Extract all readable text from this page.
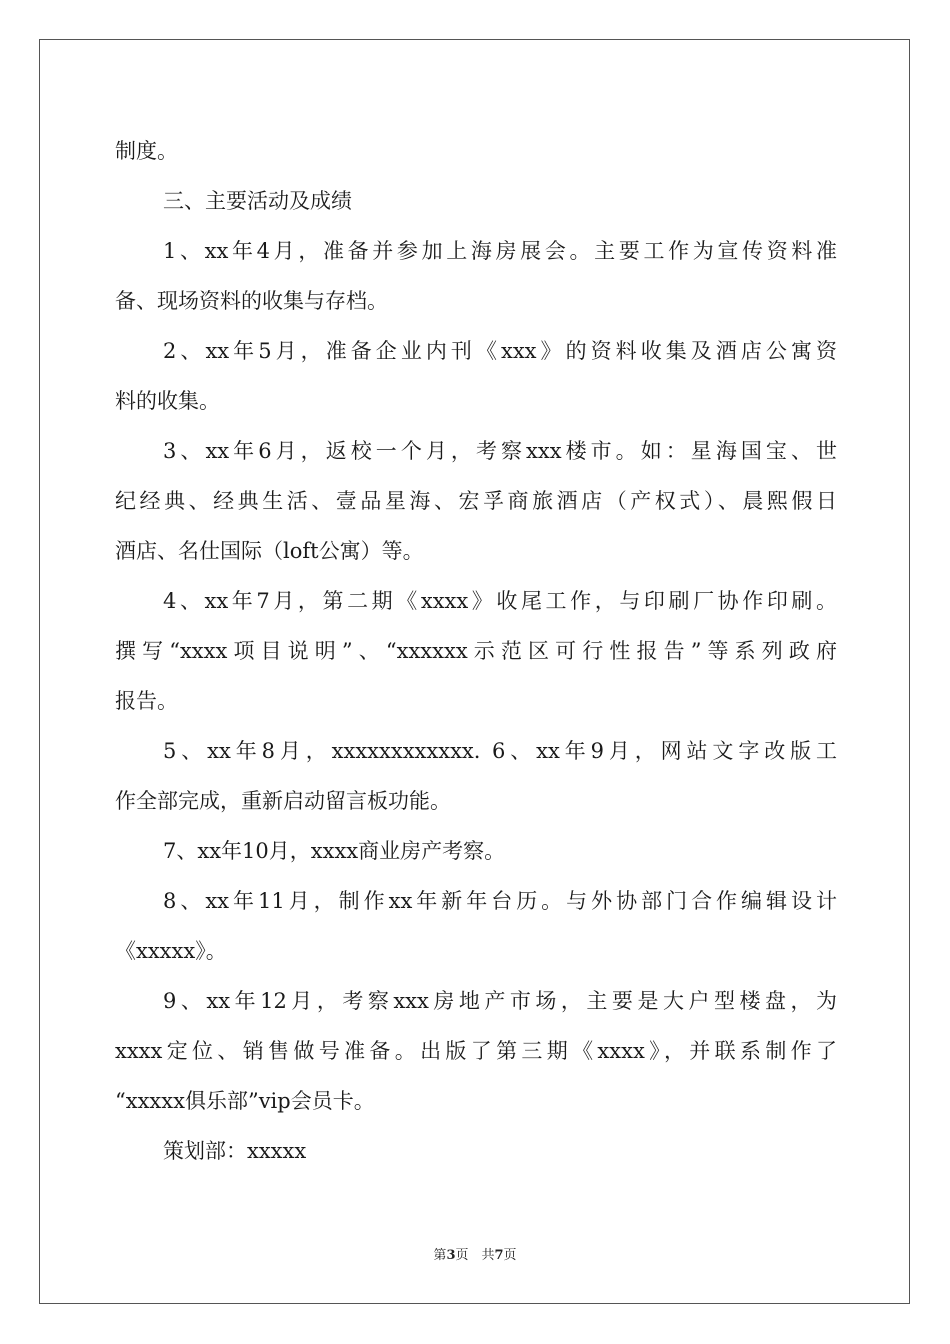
制度。
三、主要活动及成绩
1、xx年4月，准备并参加上海房展会。主要工作为宣传资料准
备、现场资料的收集与存档。
2、xx年5月，准备企业内刊《xxx》的资料收集及酒店公寓资
料的收集。
3、xx年6月，返校一个月，考察xxx楼市。如：星海国宝、世
纪经典、经典生活、壹品星海、宏孚商旅酒店（产权式）、晨熙假日
酒店、名仕国际（loft公寓）等。
4、xx年7月，第二期《xxxx》收尾工作，与印刷厂协作印刷。
撰写“xxxx项目说明”、“xxxxxx示范区可行性报告”等系列政府
报告。
5、xx年8月，xxxxxxxxxxxx. 6、xx年9月，网站文字改版工
作全部完成，重新启动留言板功能。
7、xx年10月，xxxx商业房产考察。
8、xx年11月，制作xx年新年台历。与外协部门合作编辑设计
《xxxxx》。
9、xx年12月，考察xxx房地产市场，主要是大户型楼盘，为
xxxx定位、销售做号准备。出版了第三期《xxxx》，并联系制作了
“xxxxx俱乐部”vip会员卡。
策划部：xxxxx
第3页　共7页
